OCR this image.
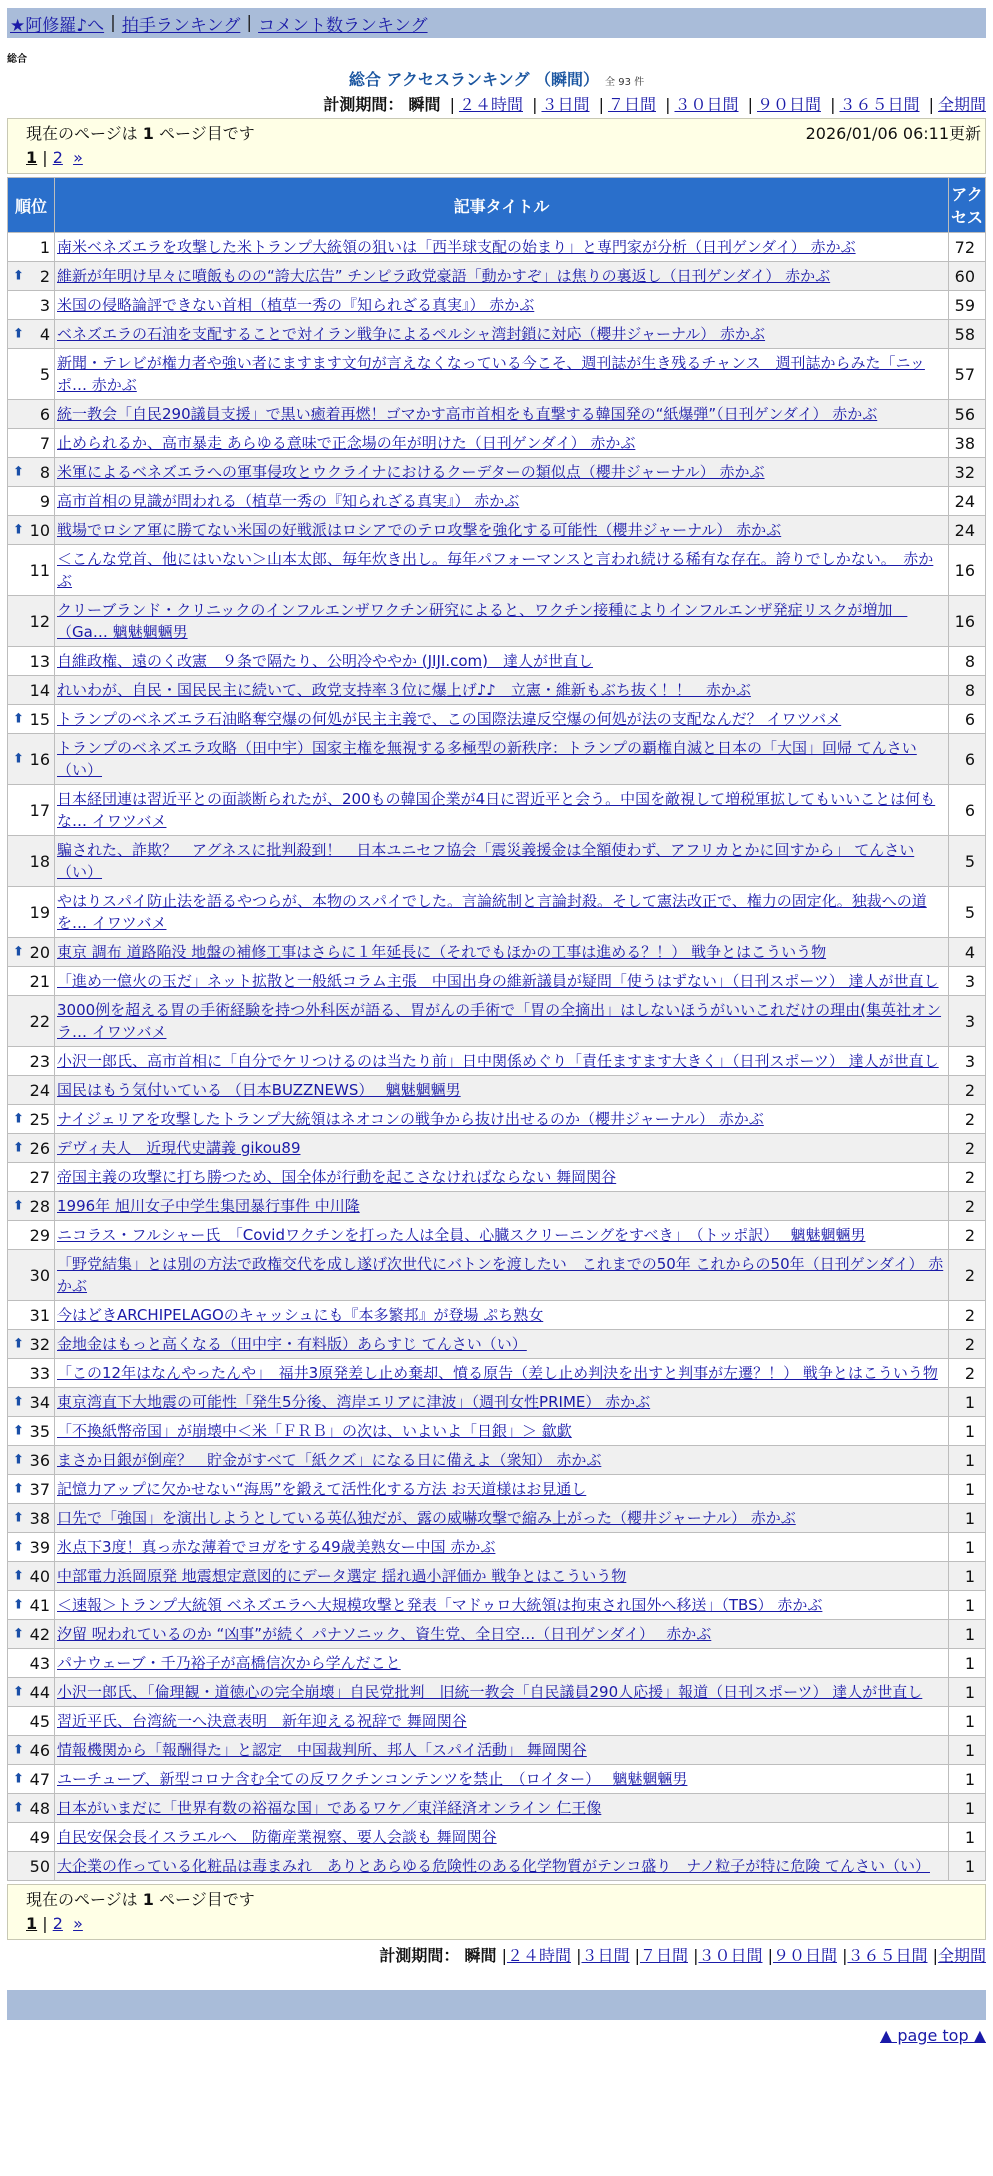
★阿修羅♪へ | 拍手ランキング | コメント数ランキング
総合
総合 アクセスランキング （瞬間） 全 93 件
計測期間： 瞬間 | ２４時間 | ３日間 | ７日間 | ３０日間 | ９０日間 | ３６５日間 | 全期間
現在のページは 1 ページ目です	2026/01/06 06:11更新
1 | 2 »
順位	記事タイトル	アクセス
1	南米ベネズエラを攻撃した米トランプ大統領の狙いは「西半球支配の始まり」と専門家が分析（日刊ゲンダイ） 赤かぶ	72

⬆ 2	維新が年明け早々に噴飯ものの“誇大広告” チンピラ政党豪語「動かすぞ」は焦りの裏返し（日刊ゲンダイ） 赤かぶ	60
3	米国の侵略論評できない首相（植草一秀の『知られざる真実』） 赤かぶ	59

⬆ 4	ベネズエラの石油を支配することで対イラン戦争によるペルシャ湾封鎖に対応（櫻井ジャーナル） 赤かぶ	58
5	新聞・テレビが権力者や強い者にますます文句が言えなくなっている今こそ、週刊誌が生き残るチャンス　週刊誌からみた「ニッポ… 赤かぶ	57
6	統一教会「自民290議員支援」で黒い癒着再燃！ゴマかす高市首相をも直撃する韓国発の“紙爆弾”（日刊ゲンダイ） 赤かぶ	56
7	止められるか、高市暴走 あらゆる意味で正念場の年が明けた（日刊ゲンダイ） 赤かぶ	38

⬆ 8	米軍によるベネズエラへの軍事侵攻とウクライナにおけるクーデターの類似点（櫻井ジャーナル） 赤かぶ	32
9	高市首相の見識が問われる（植草一秀の『知られざる真実』） 赤かぶ	24

⬆ 10	戦場でロシア軍に勝てない米国の好戦派はロシアでのテロ攻撃を強化する可能性（櫻井ジャーナル） 赤かぶ	24
11	＜こんな党首、他にはいない＞山本太郎、毎年炊き出し。毎年パフォーマンスと言われ続ける稀有な存在。誇りでしかない。　赤かぶ	16
12	クリーブランド・クリニックのインフルエンザワクチン研究によると、ワクチン接種によりインフルエンザ発症リスクが増加　（Ga… 魑魅魍魎男	16
13	自維政権、遠のく改憲　９条で隔たり、公明冷ややか (JIJI.com)　達人が世直し	8
14	れいわが、自民・国民民主に続いて、政党支持率３位に爆上げ♪♪　立憲・維新もぶち抜く！！　赤かぶ	8

⬆ 15	トランプのベネズエラ石油略奪空爆の何処が民主主義で、この国際法違反空爆の何処が法の支配なんだ？ イワツバメ	6

⬆ 16	トランプのベネズエラ攻略（田中宇）国家主権を無視する多極型の新秩序：トランプの覇権自滅と日本の「大国」回帰 てんさい（い）	6
17	日本経団連は習近平との面談断られたが、200もの韓国企業が4日に習近平と会う。中国を敵視して増税軍拡してもいいことは何もな… イワツバメ	6
18	騙された、詐欺？　アグネスに批判殺到！　日本ユニセフ協会「震災義援金は全額使わず、アフリカとかに回すから」 てんさい（い）	5
19	やはりスパイ防止法を語るやつらが、本物のスパイでした。言論統制と言論封殺。そして憲法改正で、権力の固定化。独裁への道を… イワツバメ	5

⬆ 20	東京 調布 道路陥没 地盤の補修工事はさらに１年延長に（それでもほかの工事は進める？！） 戦争とはこういう物	4
21	「進め一億火の玉だ」ネット拡散と一般紙コラム主張　中国出身の維新議員が疑問「使うはずない」（日刊スポーツ） 達人が世直し	3
22	3000例を超える胃の手術経験を持つ外科医が語る、胃がんの手術で「胃の全摘出」はしないほうがいいこれだけの理由(集英社オンラ… イワツバメ	3
23	小沢一郎氏、高市首相に「自分でケリつけるのは当たり前」日中関係めぐり「責任ますます大きく」（日刊スポーツ） 達人が世直し	3
24	国民はもう気付いている （日本BUZZNEWS）　 魑魅魍魎男	2

⬆ 25	ナイジェリアを攻撃したトランプ大統領はネオコンの戦争から抜け出せるのか（櫻井ジャーナル） 赤かぶ	2

⬆ 26	デヴィ夫人　近現代史講義 gikou89	2
27	帝国主義の攻撃に打ち勝つため、国全体が行動を起こさなければならない 舞岡関谷	2

⬆ 28	1996年 旭川女子中学生集団暴行事件 中川隆	2
29	ニコラス・フルシャー氏　「Covidワクチンを打った人は全員、心臓スクリーニングをすべき」　（トッポ訳）　 魑魅魍魎男	2
30	「野党結集」とは別の方法で政権交代を成し遂げ次世代にバトンを渡したい　これまでの50年 これからの50年（日刊ゲンダイ） 赤かぶ	2
31	今はどきARCHIPELAGOのキャッシュにも『本多繁邦』が登場 ぷち熟女	2

⬆ 32	金地金はもっと高くなる（田中宇・有料版）あらすじ てんさい（い）	2
33	「この12年はなんやったんや」　福井3原発差し止め棄却、憤る原告（差し止め判決を出すと判事が左遷？！） 戦争とはこういう物	2

⬆ 34	東京湾直下大地震の可能性「発生5分後、湾岸エリアに津波」（週刊女性PRIME） 赤かぶ	1

⬆ 35	「不換紙幣帝国」が崩壊中＜米「ＦＲＢ」の次は、いよいよ「日銀」＞ 歙歔	1

⬆ 36	まさか日銀が倒産？　貯金がすべて「紙クズ」になる日に備えよ（衆知） 赤かぶ	1

⬆ 37	記憶力アップに欠かせない“海馬”を鍛えて活性化する方法 お天道様はお見通し	1

⬆ 38	口先で「強国」を演出しようとしている英仏独だが、露の威嚇攻撃で縮み上がった（櫻井ジャーナル） 赤かぶ	1

⬆ 39	氷点下3度！真っ赤な薄着でヨガをする49歳美熟女ー中国 赤かぶ	1

⬆ 40	中部電力浜岡原発 地震想定意図的にデータ選定 揺れ過小評価か 戦争とはこういう物	1

⬆ 41	＜速報＞トランプ大統領 ベネズエラへ大規模攻撃と発表「マドゥロ大統領は拘束され国外へ移送」（TBS） 赤かぶ	1

⬆ 42	汐留 呪われているのか “凶事”が続く パナソニック、資生党、全日空…（日刊ゲンダイ）　 赤かぶ	1
43	パナウェーブ・千乃裕子が高橋信次から学んだこと	1

⬆ 44	小沢一郎氏、「倫理観・道徳心の完全崩壊」自民党批判　旧統一教会「自民議員290人応援」報道（日刊スポーツ） 達人が世直し	1
45	習近平氏、台湾統一へ決意表明　新年迎える祝辞で 舞岡関谷	1

⬆ 46	情報機関から「報酬得た」と認定　中国裁判所、邦人「スパイ活動」 舞岡関谷	1

⬆ 47	ユーチューブ、新型コロナ含む全ての反ワクチンコンテンツを禁止　（ロイター）　 魑魅魍魎男	1

⬆ 48	日本がいまだに「世界有数の裕福な国」であるワケ／東洋経済オンライン 仁王像	1
49	自民安保会長イスラエルへ　防衛産業視察、要人会談も 舞岡関谷	1
50	大企業の作っている化粧品は毒まみれ　ありとあらゆる危険性のある化学物質がテンコ盛り　ナノ粒子が特に危険 てんさい（い）	1
現在のページは 1 ページ目です
1 | 2 »
計測期間： 瞬間 |２４時間 |３日間 |７日間 |３０日間 |９０日間 |３６５日間 |全期間
▲ page top ▲
